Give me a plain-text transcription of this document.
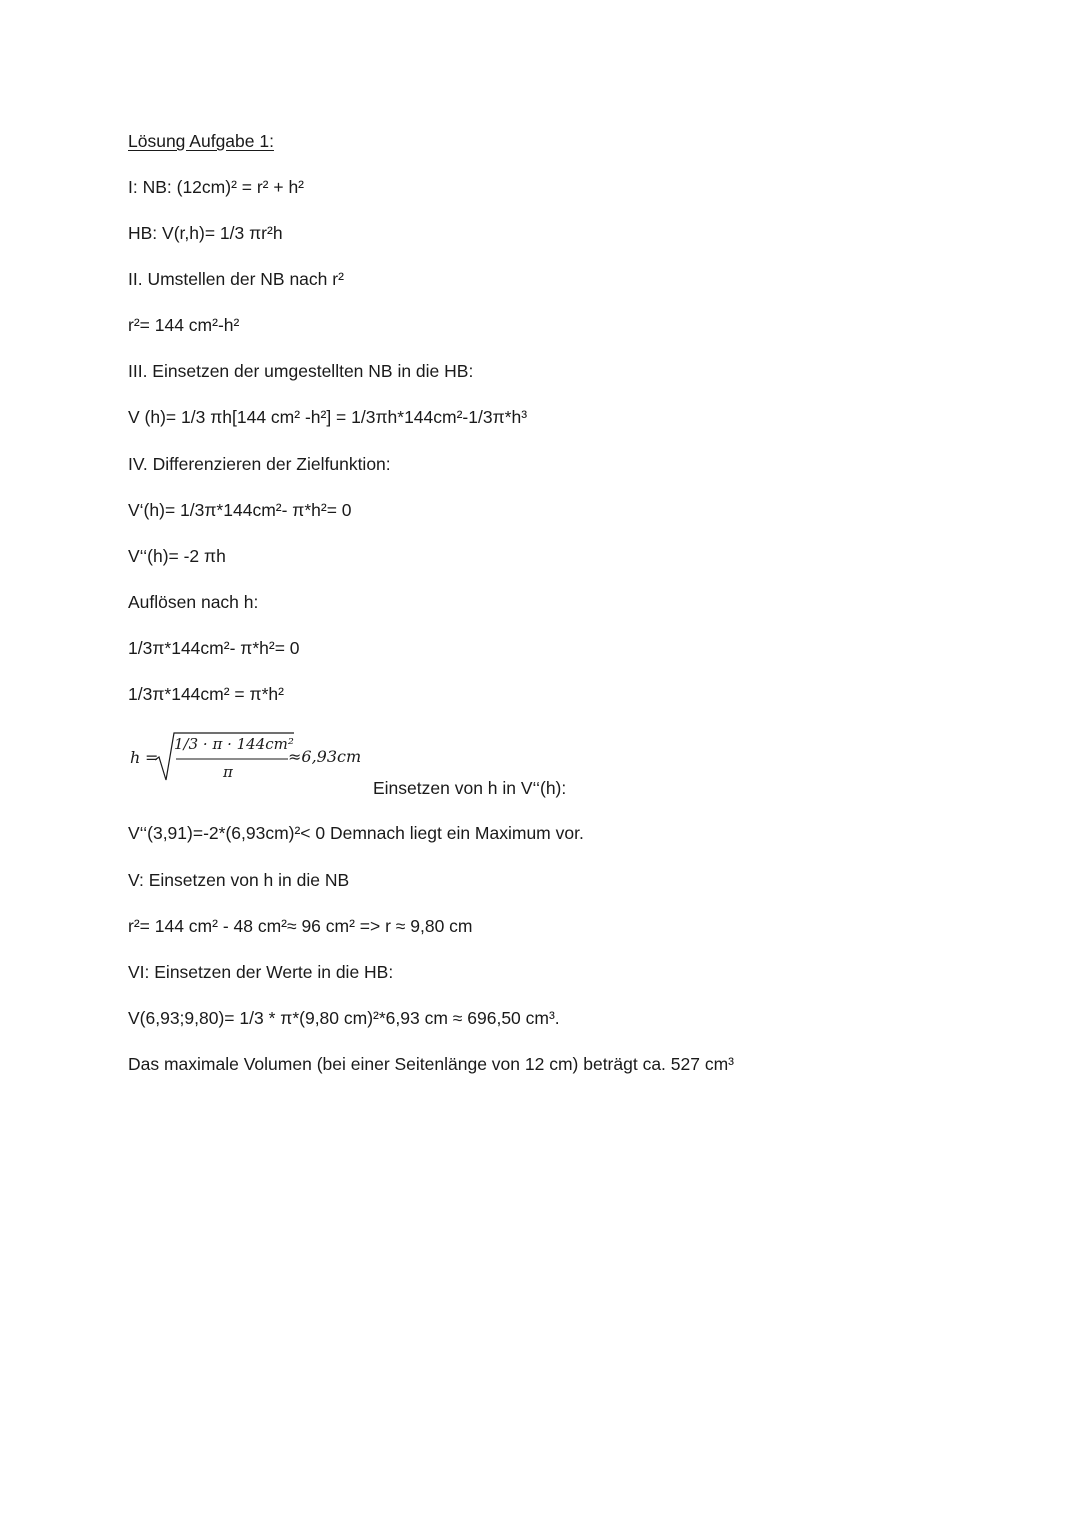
Lösung Aufgabe 1:
I: NB: (12cm)² = r² + h²
HB: V(r,h)= 1/3 πr²h
II. Umstellen der NB nach r²
r²= 144 cm²-h²
III. Einsetzen der umgestellten NB in die HB:
V (h)= 1/3 πh[144 cm² -h²] = 1/3πh*144cm²-1/3π*h³
IV. Differenzieren der Zielfunktion:
V‘(h)= 1/3π*144cm²- π*h²= 0
V‘‘(h)= -2 πh
Auflösen nach h:
1/3π*144cm²- π*h²= 0
1/3π*144cm² = π*h²
h =
1/3 · π · 144cm²
π
≈6,93cm
Einsetzen von h in V‘‘(h):
V‘‘(3,91)=-2*(6,93cm)²< 0 Demnach liegt ein Maximum vor.
V: Einsetzen von h in die NB
r²= 144 cm² - 48 cm²≈ 96 cm² => r ≈ 9,80 cm
VI: Einsetzen der Werte in die HB:
V(6,93;9,80)= 1/3 * π*(9,80 cm)²*6,93 cm ≈ 696,50 cm³.
Das maximale Volumen (bei einer Seitenlänge von 12 cm) beträgt ca. 527 cm³
